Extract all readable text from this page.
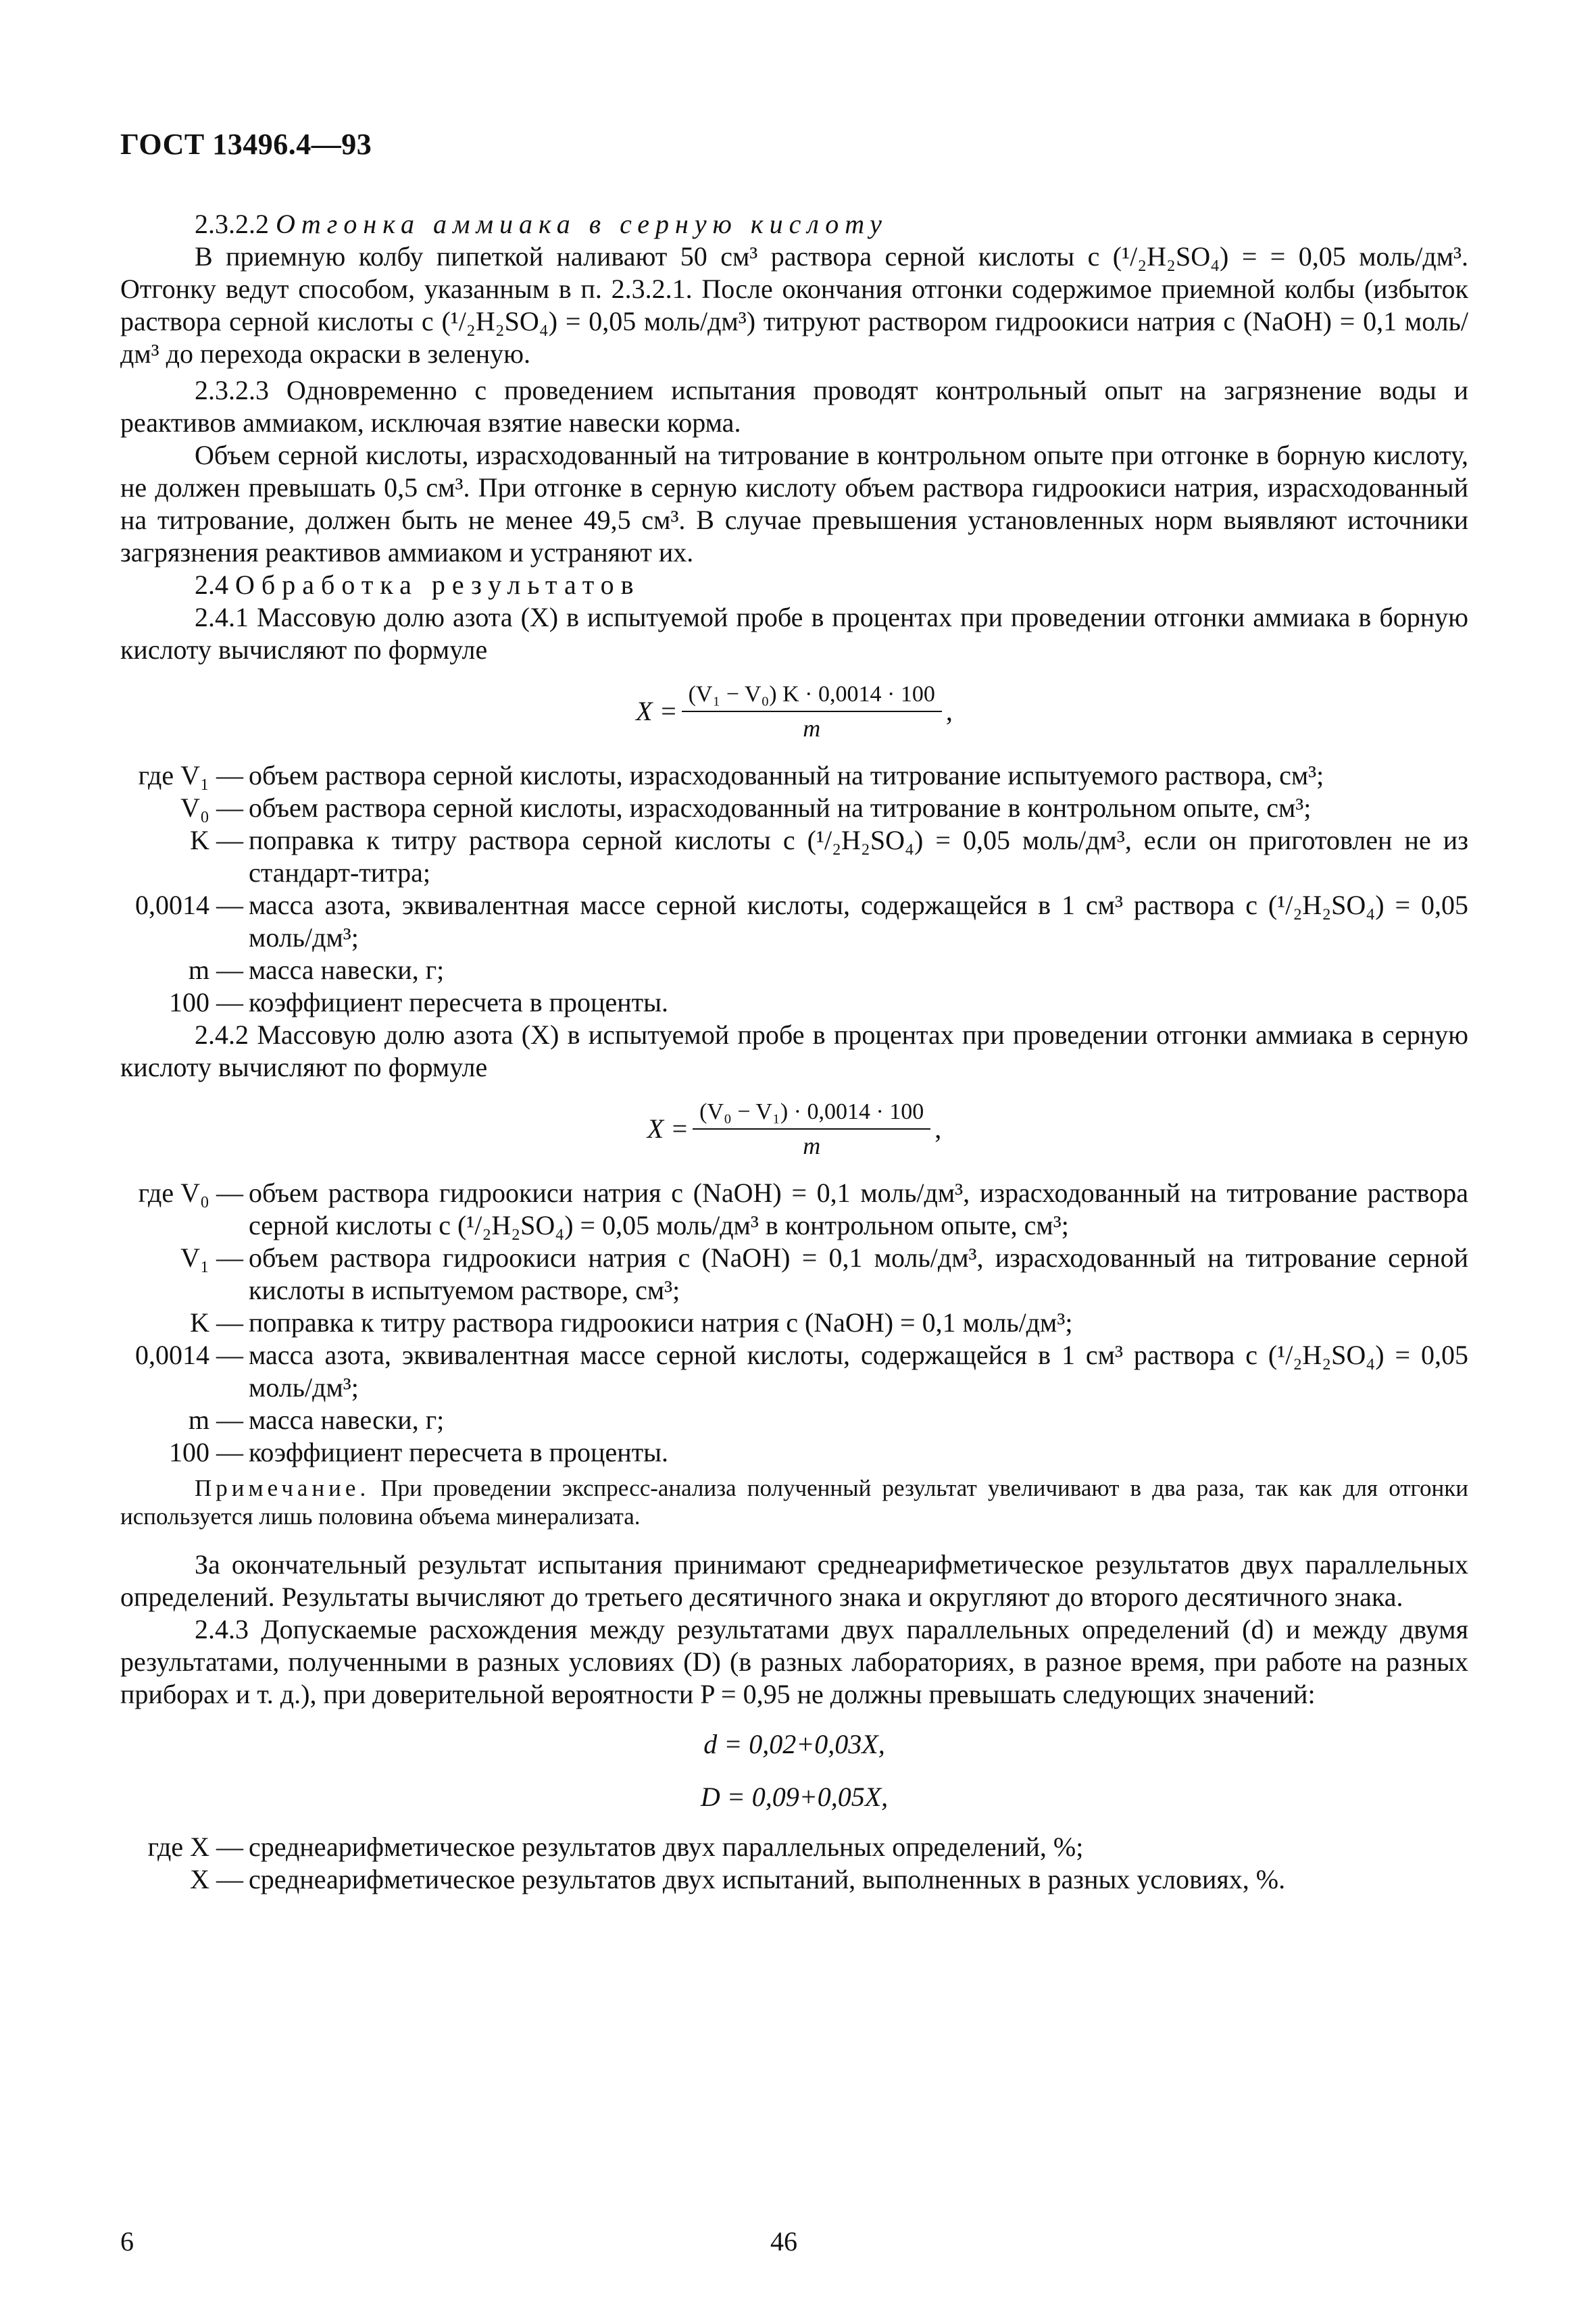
ГОСТ 13496.4—93

2.3.2.2 Отгонка аммиака в серную кислоту

В приемную колбу пипеткой наливают 50 см³ раствора серной кислоты c (¹/₂H₂SO₄) = = 0,05 моль/дм³. Отгонку ведут способом, указанным в п. 2.3.2.1. После окончания отгонки содержимое приемной колбы (избыток раствора серной кислоты c (¹/₂H₂SO₄) = 0,05 моль/дм³) титруют раствором гидроокиси натрия c (NaOH) = 0,1 моль/дм³ до перехода окраски в зеленую.

2.3.2.3 Одновременно с проведением испытания проводят контрольный опыт на загрязнение воды и реактивов аммиаком, исключая взятие навески корма.

Объем серной кислоты, израсходованный на титрование в контрольном опыте при отгонке в борную кислоту, не должен превышать 0,5 см³. При отгонке в серную кислоту объем раствора гидроокиси натрия, израсходованный на титрование, должен быть не менее 49,5 см³. В случае превышения установленных норм выявляют источники загрязнения реактивов аммиаком и устраняют их.

2.4 Обработка результатов

2.4.1 Массовую долю азота (X) в испытуемой пробе в процентах при проведении отгонки аммиака в борную кислоту вычисляют по формуле

$X = \frac{\text{(V₁ − V₀) K · 0,0014 · 100}}{m}$ ,
где V₁ — объем раствора серной кислоты, израсходованный на титрование испытуемого раствора, см³;
V₀ — объем раствора серной кислоты, израсходованный на титрование в контрольном опыте, см³;
K — поправка к титру раствора серной кислоты c (¹/₂H₂SO₄) = 0,05 моль/дм³, если он приготовлен не из стандарт-титра;
0,0014 — масса азота, эквивалентная массе серной кислоты, содержащейся в 1 см³ раствора c (¹/₂H₂SO₄) = 0,05 моль/дм³;
m — масса навески, г;
100 — коэффициент пересчета в проценты.

2.4.2 Массовую долю азота (X) в испытуемой пробе в процентах при проведении отгонки аммиака в серную кислоту вычисляют по формуле

$X = \frac{\text{(V₀ − V₁) · 0,0014 · 100}}{m}$ ,
где V₀ — объем раствора гидроокиси натрия c (NaOH) = 0,1 моль/дм³, израсходованный на титрование раствора серной кислоты c (¹/₂H₂SO₄) = 0,05 моль/дм³ в контрольном опыте, см³;
V₁ — объем раствора гидроокиси натрия c (NaOH) = 0,1 моль/дм³, израсходованный на титрование серной кислоты в испытуемом растворе, см³;
K — поправка к титру раствора гидроокиси натрия c (NaOH) = 0,1 моль/дм³;
0,0014 — масса азота, эквивалентная массе серной кислоты, содержащейся в 1 см³ раствора c (¹/₂H₂SO₄) = 0,05 моль/дм³;
m — масса навески, г;
100 — коэффициент пересчета в проценты.

Примечание. При проведении экспресс-анализа полученный результат увеличивают в два раза, так как для отгонки используется лишь половина объема минерализата.

За окончательный результат испытания принимают среднеарифметическое результатов двух параллельных определений. Результаты вычисляют до третьего десятичного знака и округляют до второго десятичного знака.

2.4.3 Допускаемые расхождения между результатами двух параллельных определений (d) и между двумя результатами, полученными в разных условиях (D) (в разных лабораториях, в разное время, при работе на разных приборах и т. д.), при доверительной вероятности P = 0,95 не должны превышать следующих значений:

d = 0,02+0,03X,

D = 0,09+0,05X,

где X — среднеарифметическое результатов двух параллельных определений, %;
X — среднеарифметическое результатов двух испытаний, выполненных в разных условиях, %.
6	46
